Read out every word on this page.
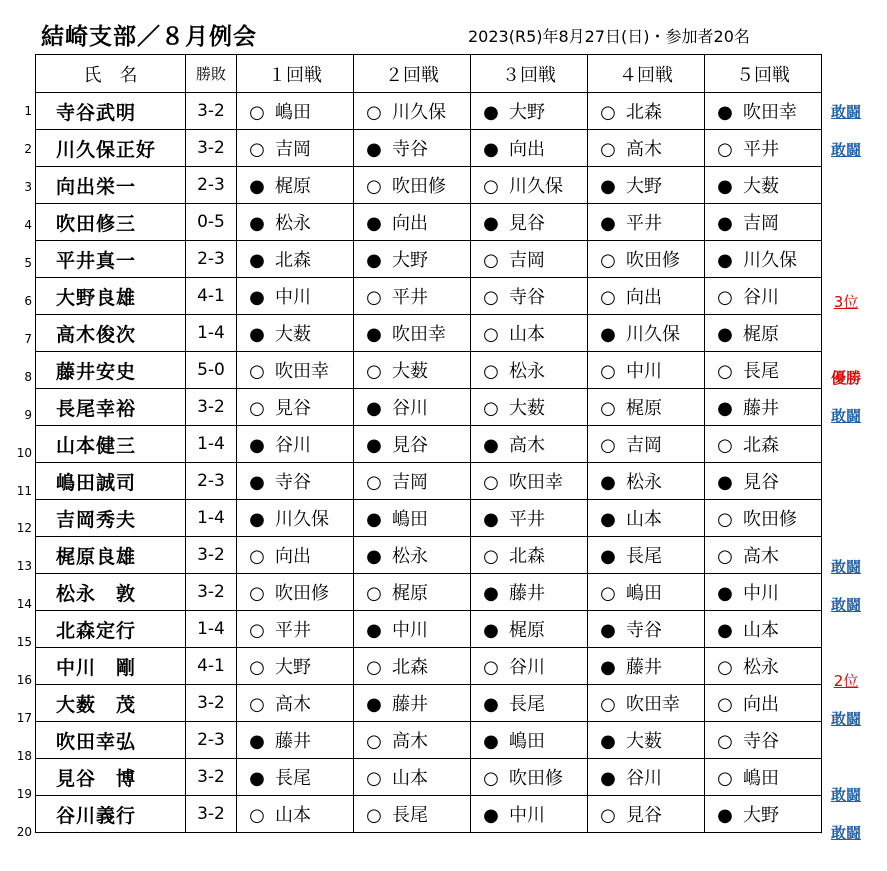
結崎支部／８月例会	2023(R5)年8月27日(日)・参加者20名
氏　名	勝敗	１回戦	２回戦	３回戦	４回戦	５回戦
寺谷武明	3-2	○ 嶋田	○ 川久保	● 大野	○ 北森	● 吹田幸
川久保正好	3-2	○ 吉岡	● 寺谷	● 向出	○ 高木	○ 平井
向出栄一	2-3	● 梶原	○ 吹田修	○ 川久保	● 大野	● 大薮
吹田修三	0-5	● 松永	● 向出	● 見谷	● 平井	● 吉岡
平井真一	2-3	● 北森	● 大野	○ 吉岡	○ 吹田修	● 川久保
大野良雄	4-1	● 中川	○ 平井	○ 寺谷	○ 向出	○ 谷川
高木俊次	1-4	● 大薮	● 吹田幸	○ 山本	● 川久保	● 梶原
藤井安史	5-0	○ 吹田幸	○ 大薮	○ 松永	○ 中川	○ 長尾
長尾幸裕	3-2	○ 見谷	● 谷川	○ 大薮	○ 梶原	● 藤井
山本健三	1-4	● 谷川	● 見谷	● 高木	○ 吉岡	○ 北森
嶋田誠司	2-3	● 寺谷	○ 吉岡	○ 吹田幸	● 松永	● 見谷
吉岡秀夫	1-4	● 川久保	● 嶋田	● 平井	● 山本	○ 吹田修
梶原良雄	3-2	○ 向出	● 松永	○ 北森	● 長尾	○ 高木
松永　敦	3-2	○ 吹田修	○ 梶原	● 藤井	○ 嶋田	● 中川
北森定行	1-4	○ 平井	● 中川	● 梶原	● 寺谷	● 山本
中川　剛	4-1	○ 大野	○ 北森	○ 谷川	● 藤井	○ 松永
大薮　茂	3-2	○ 高木	● 藤井	● 長尾	○ 吹田幸	○ 向出
吹田幸弘	2-3	● 藤井	○ 高木	● 嶋田	● 大薮	○ 寺谷
見谷　博	3-2	● 長尾	○ 山本	○ 吹田修	● 谷川	○ 嶋田
谷川義行	3-2	○ 山本	○ 長尾	● 中川	○ 見谷	● 大野
1	敢闘
2	敢闘
3
4
5
6	3位
7
8	優勝
9	敢闘
10
11
12
13	敢闘
14	敢闘
15
16	2位
17	敢闘
18
19	敢闘
20	敢闘
